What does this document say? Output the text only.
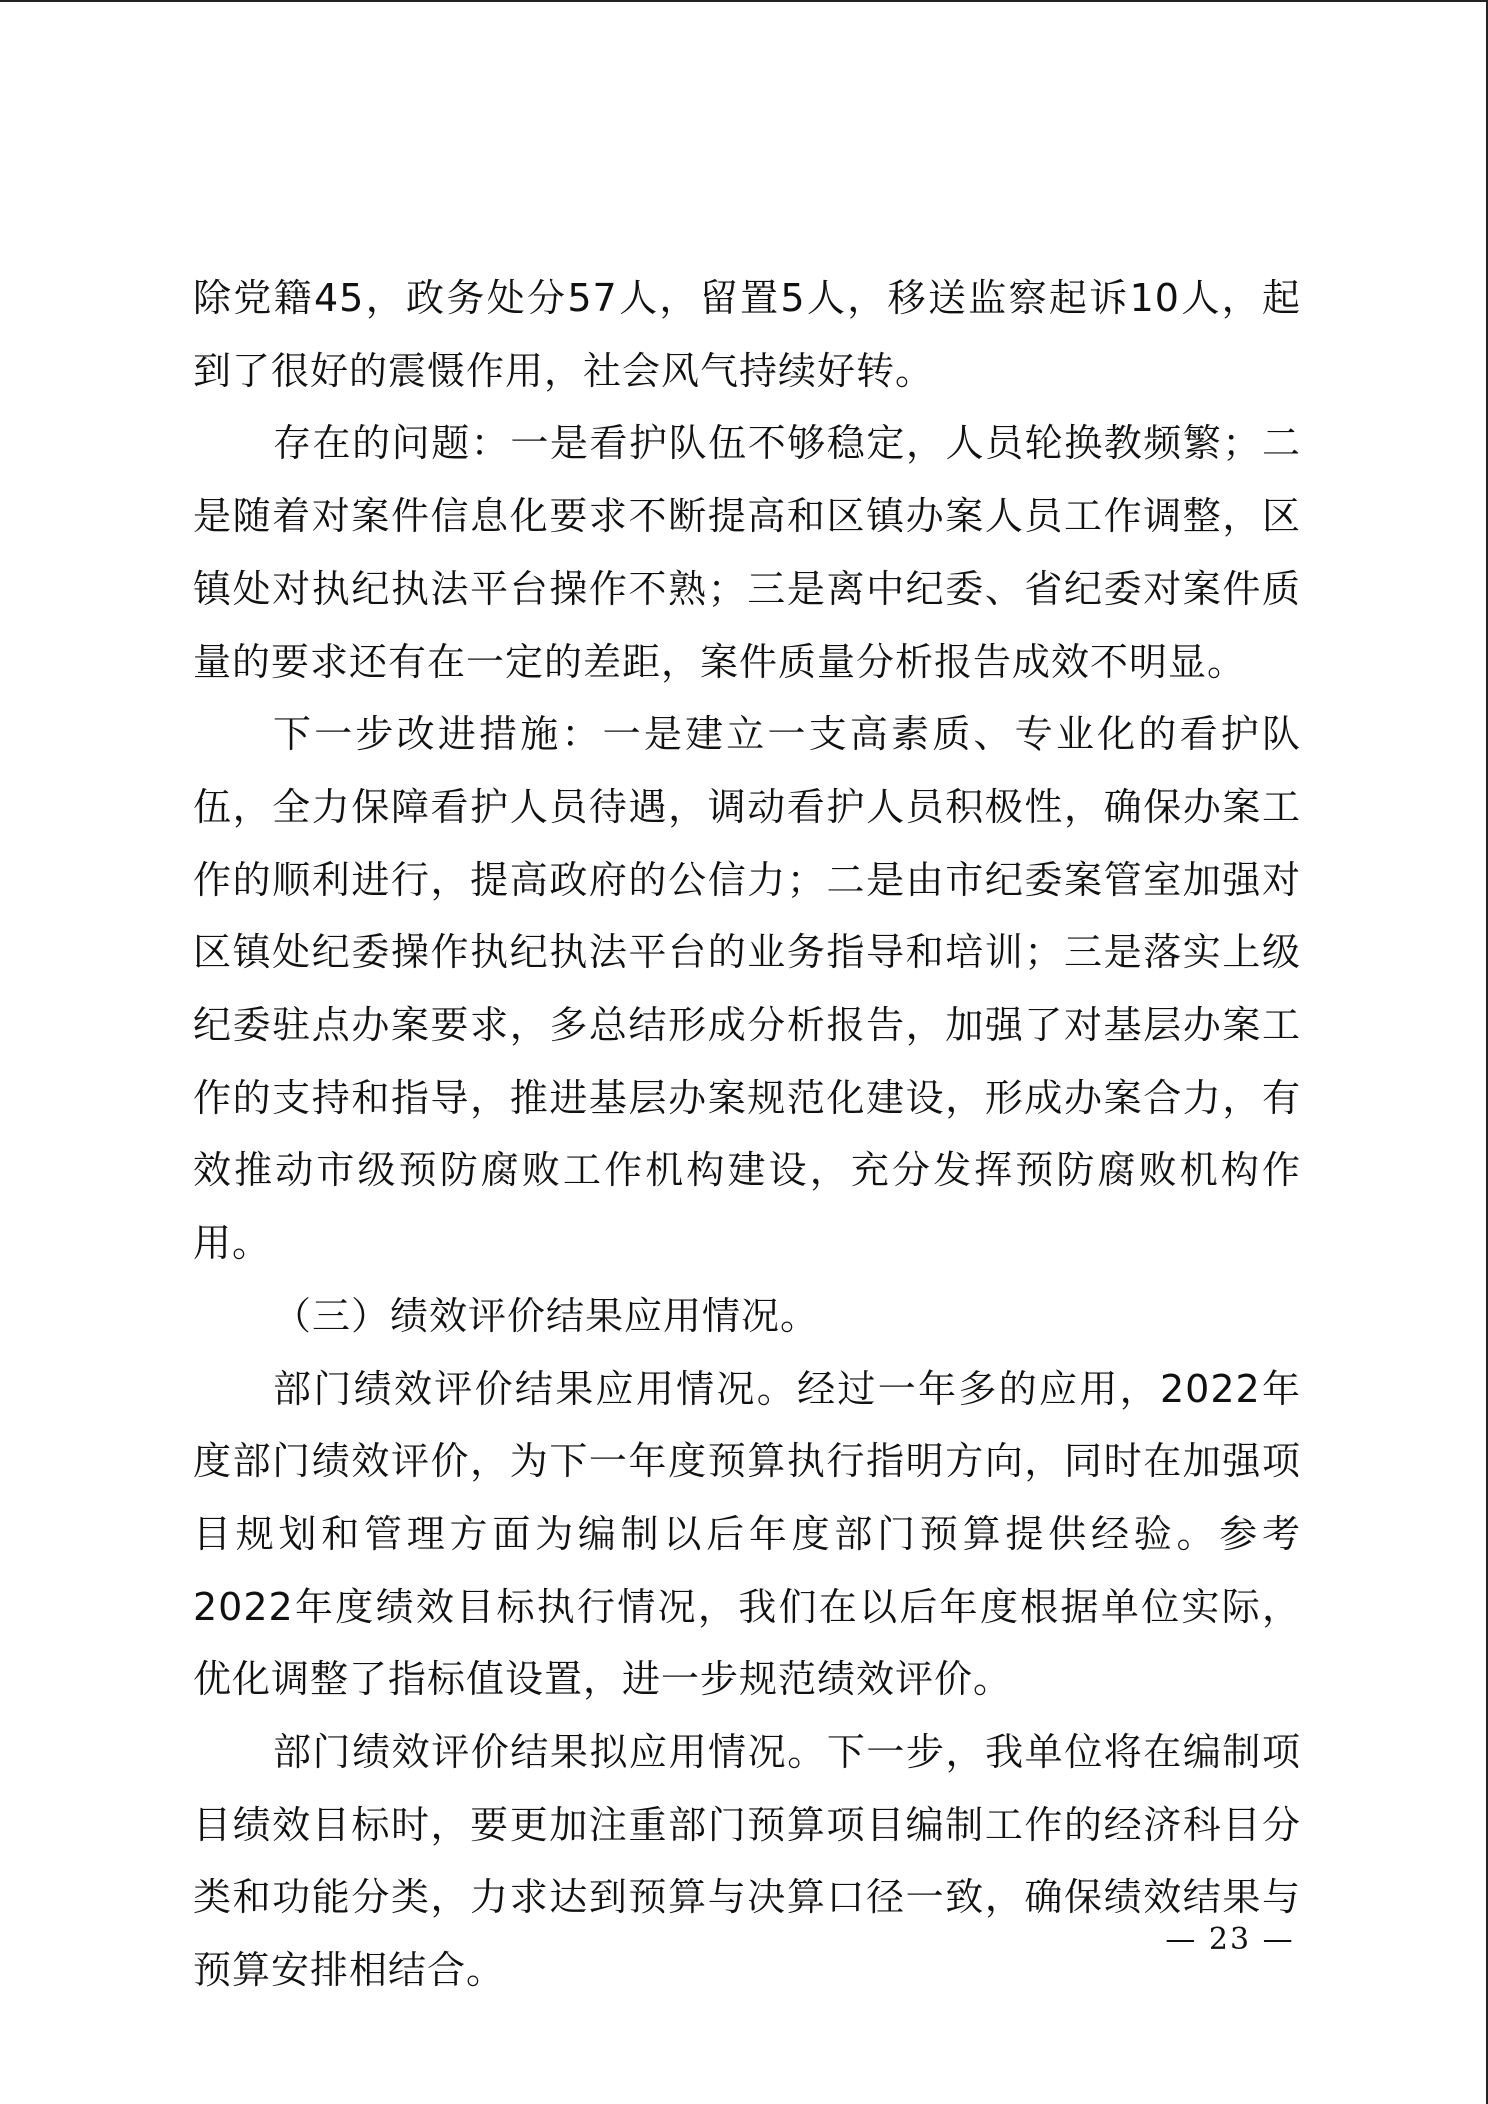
除党籍45，政务处分57人，留置5人，移送监察起诉10人，起到了很好的震慑作用，社会风气持续好转。

存在的问题：一是看护队伍不够稳定，人员轮换教频繁；二是随着对案件信息化要求不断提高和区镇办案人员工作调整，区镇处对执纪执法平台操作不熟；三是离中纪委、省纪委对案件质量的要求还有在一定的差距，案件质量分析报告成效不明显。

下一步改进措施：一是建立一支高素质、专业化的看护队伍，全力保障看护人员待遇，调动看护人员积极性，确保办案工作的顺利进行，提高政府的公信力；二是由市纪委案管室加强对区镇处纪委操作执纪执法平台的业务指导和培训；三是落实上级纪委驻点办案要求，多总结形成分析报告，加强了对基层办案工作的支持和指导，推进基层办案规范化建设，形成办案合力，有效推动市级预防腐败工作机构建设，充分发挥预防腐败机构作用。

（三）绩效评价结果应用情况。

部门绩效评价结果应用情况。经过一年多的应用，2022年度部门绩效评价，为下一年度预算执行指明方向，同时在加强项目规划和管理方面为编制以后年度部门预算提供经验。参考2022年度绩效目标执行情况，我们在以后年度根据单位实际，优化调整了指标值设置，进一步规范绩效评价。

部门绩效评价结果拟应用情况。下一步，我单位将在编制项目绩效目标时，要更加注重部门预算项目编制工作的经济科目分类和功能分类，力求达到预算与决算口径一致，确保绩效结果与预算安排相结合。

— 23 —
